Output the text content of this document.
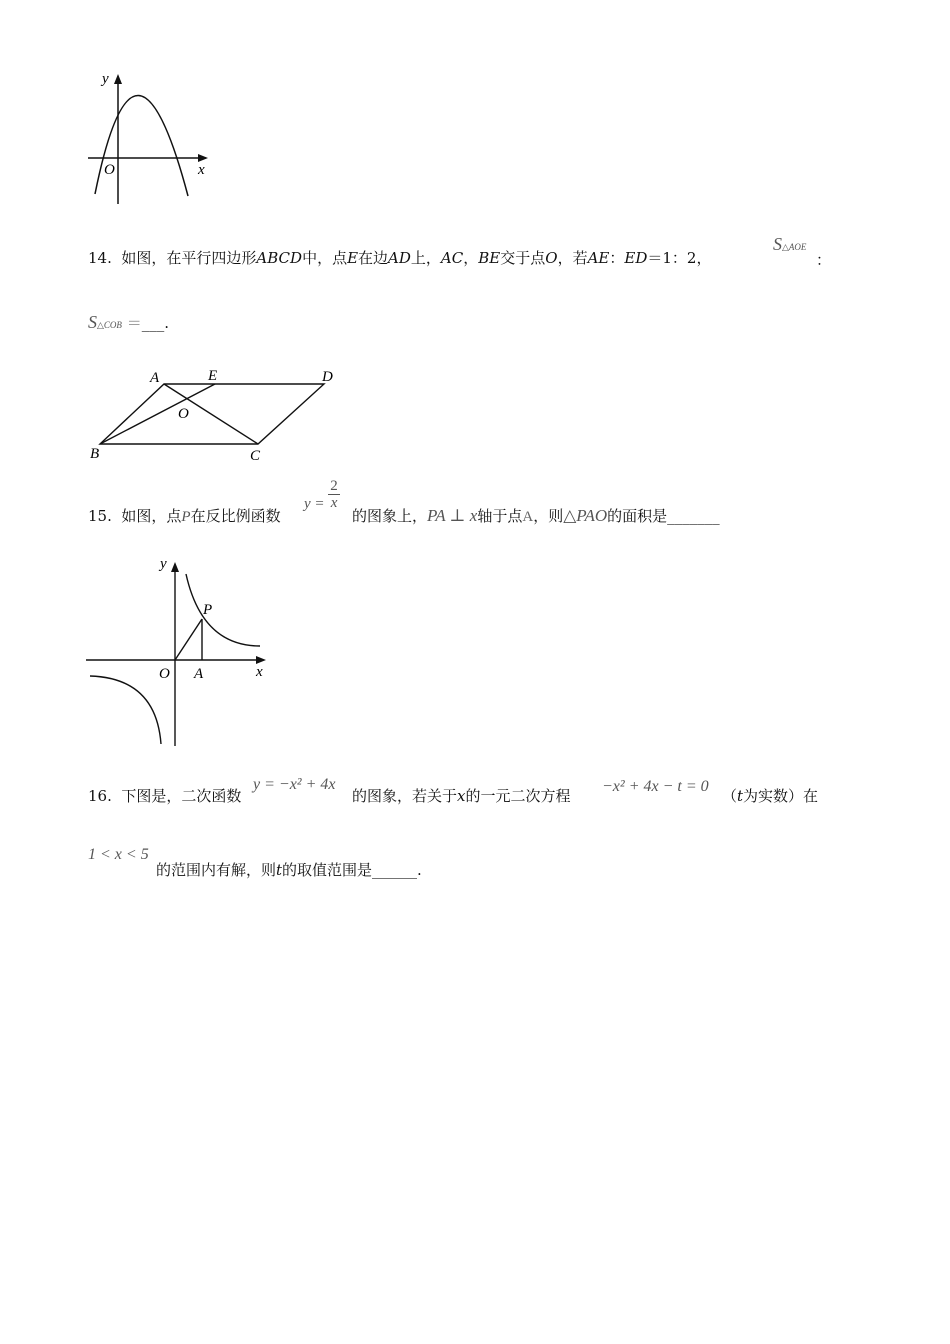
y
x
O
14. 如图，在平行四边形ABCD中，点E在边AD上，AC，BE交于点O，若AE：ED＝1：2，
S△AOE
：
S△COB ＝___.
A	E	D
O
B	C
15. 如图，点P在反比例函数
$y = \frac{2}{x}$
的图象上，PA ⊥ x轴于点A，则△PAO的面积是_______
y
x
O A
P
16. 下图是，二次函数
y = −x² + 4x
的图象，若关于x的一元二次方程
−x² + 4x − t = 0
（t为实数）在
1 < x < 5
的范围内有解，则t的取值范围是______.
